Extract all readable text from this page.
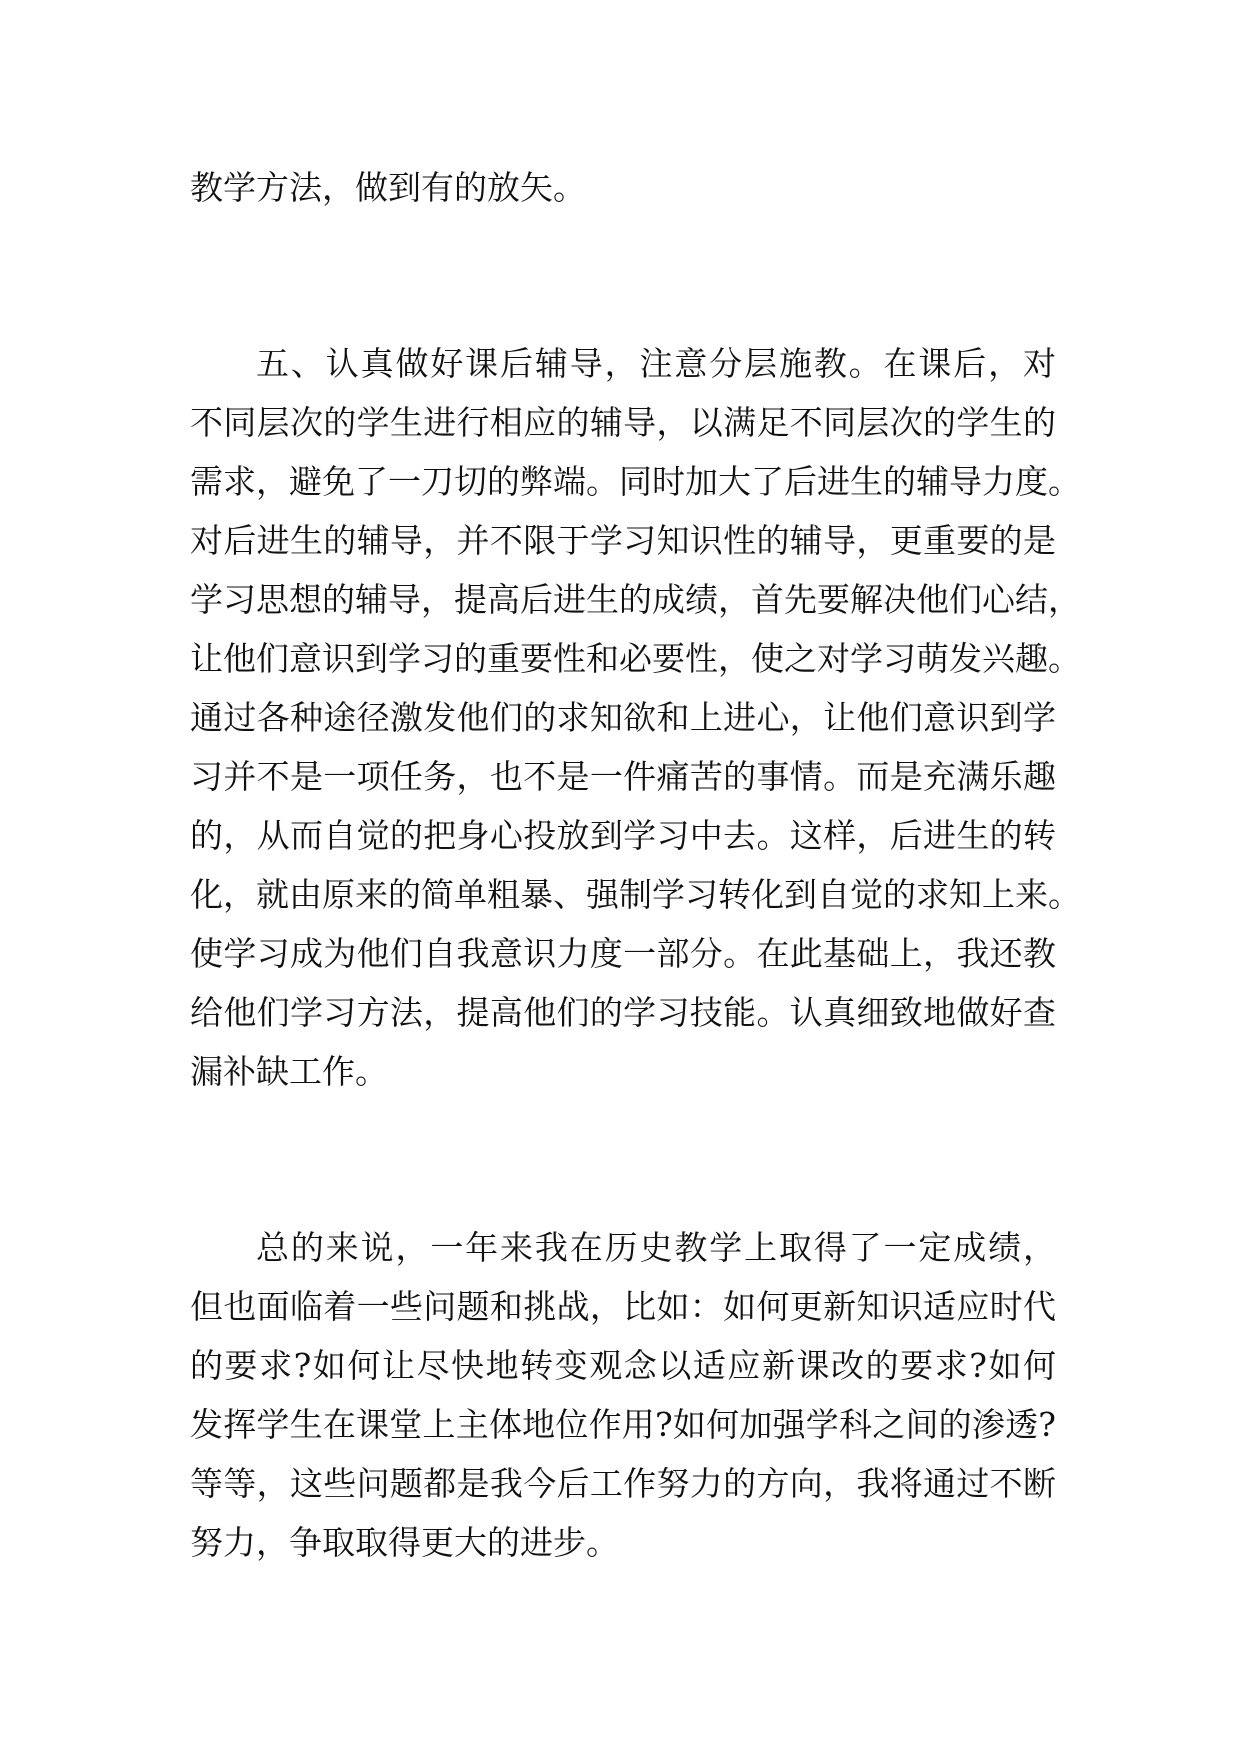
教学方法，做到有的放矢。

五、认真做好课后辅导，注意分层施教。在课后，对

不同层次的学生进行相应的辅导，以满足不同层次的学生的

需求，避免了一刀切的弊端。同时加大了后进生的辅导力度。

对后进生的辅导，并不限于学习知识性的辅导，更重要的是

学习思想的辅导，提高后进生的成绩，首先要解决他们心结，

让他们意识到学习的重要性和必要性，使之对学习萌发兴趣。

通过各种途径激发他们的求知欲和上进心，让他们意识到学

习并不是一项任务，也不是一件痛苦的事情。而是充满乐趣

的，从而自觉的把身心投放到学习中去。这样，后进生的转

化，就由原来的简单粗暴、强制学习转化到自觉的求知上来。

使学习成为他们自我意识力度一部分。在此基础上，我还教

给他们学习方法，提高他们的学习技能。认真细致地做好查

漏补缺工作。

总的来说，一年来我在历史教学上取得了一定成绩，

但也面临着一些问题和挑战，比如：如何更新知识适应时代

的要求?如何让尽快地转变观念以适应新课改的要求?如何

发挥学生在课堂上主体地位作用?如何加强学科之间的渗透?

等等，这些问题都是我今后工作努力的方向，我将通过不断

努力，争取取得更大的进步。
